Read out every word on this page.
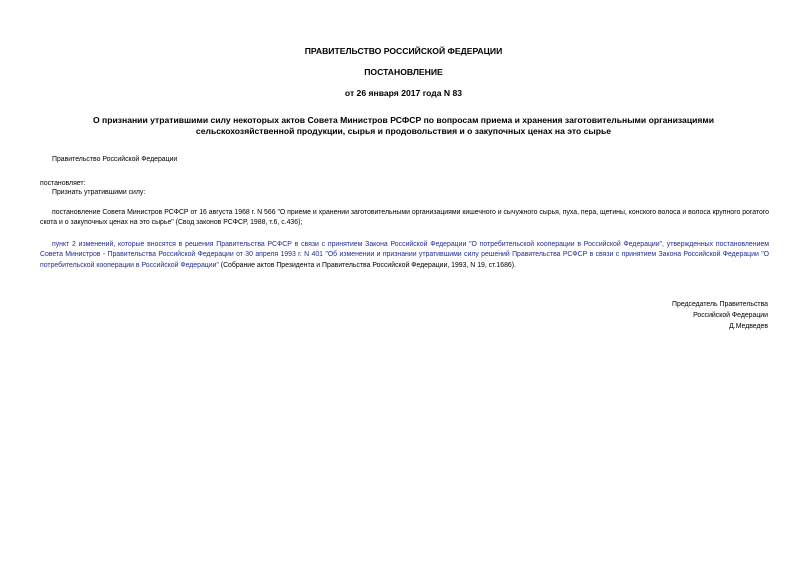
ПРАВИТЕЛЬСТВО РОССИЙСКОЙ ФЕДЕРАЦИИ
ПОСТАНОВЛЕНИЕ
от 26 января 2017 года N 83
О признании утратившими силу некоторых актов Совета Министров РСФСР по вопросам приема и хранения заготовительными организациями
сельскохозяйственной продукции, сырья и продовольствия и о закупочных ценах на это сырье
Правительство Российской Федерации
постановляет:
Признать утратившими силу:
постановление Совета Министров РСФСР от 16 августа 1968 г. N 566 "О приеме и хранении заготовительными организациями кишечного и сычужного сырья, пуха, пера, щетины, конского волоса и волоса крупного рогатого скота и о закупочных ценах на это сырье" (Свод законов РСФСР, 1988, т.6, с.436);
пункт 2 изменений, которые вносятся в решения Правительства РСФСР в связи с принятием Закона Российской Федерации "О потребительской кооперации в Российской Федерации", утвержденных постановлением Совета Министров - Правительства Российской Федерации от 30 апреля 1993 г. N 401 "Об изменении и признании утратившими силу решений Правительства РСФСР в связи с принятием Закона Российской Федерации "О потребительской кооперации в Российской Федерации" (Собрание актов Президента и Правительства Российской Федерации, 1993, N 19, ст.1686).
Председатель Правительства
Российской Федерации
Д.Медведев
